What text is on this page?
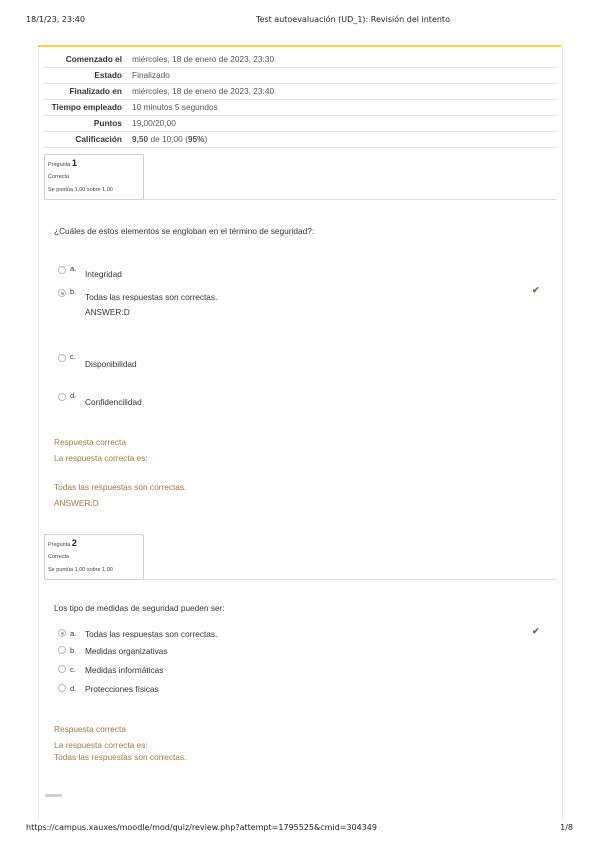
18/1/23, 23:40	Test autoevaluación (UD_1): Revisión del intento
https://campus.xauxes/moodle/mod/quiz/review.php?attempt=1795525&cmid=304349	1/8
Comenzado el	miércoles, 18 de enero de 2023, 23:30
Estado	Finalizado
Finalizado en	miércoles, 18 de enero de 2023, 23:40
Tiempo empleado	10 minutos 5 segundos
Puntos	19,00/20,00
Calificación	9,50 de 10,00 (95%)
Pregunta 1
Correcta
Se puntúa 1,00 sobre 1,00
¿Cuáles de estos elementos se engloban en el término de seguridad?:
a.
Integridad
b.
Todas las respuestas son correctas.
ANSWER:D
✔
c.
Disponibilidad
d.
Confidencilidad
Respuesta correcta
La respuesta correcta es:
Todas las respuestas son correctas.
ANSWER:D
Pregunta 2
Correcta
Se puntúa 1,00 sobre 1,00
Los tipo de medidas de seguridad pueden ser:
a. Todas las respuestas son correctas.	✔
b. Medidas organizativas
c. Medidas informáticas
d. Protecciones físicas
Respuesta correcta
La respuesta correcta es:
Todas las respuestas son correctas.
